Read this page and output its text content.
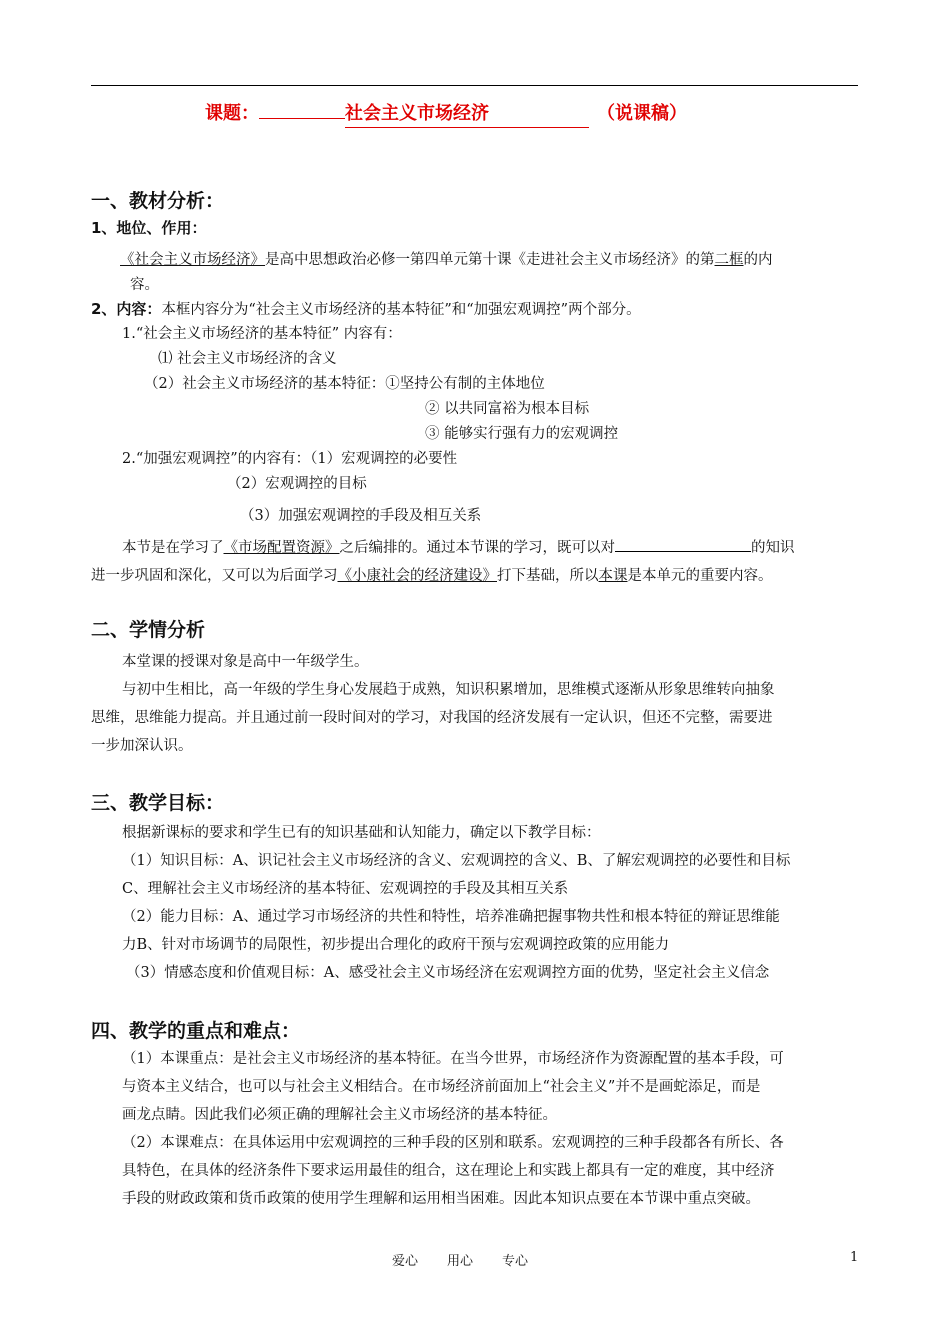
课题：	社会主义市场经济	（说课稿）
一、教材分析：
1、地位、作用：
《社会主义市场经济》是高中思想政治必修一第四单元第十课《走进社会主义市场经济》的第二框的内
容。
2、内容：本框内容分为“社会主义市场经济的基本特征”和“加强宏观调控”两个部分。
1.“社会主义市场经济的基本特征” 内容有：
⑴ 社会主义市场经济的含义
（2）社会主义市场经济的基本特征：①坚持公有制的主体地位
② 以共同富裕为根本目标
③ 能够实行强有力的宏观调控
2.“加强宏观调控”的内容有：（1）宏观调控的必要性
（2）宏观调控的目标
（3）加强宏观调控的手段及相互关系
本节是在学习了《市场配置资源》之后编排的。通过本节课的学习，既可以对	的知识
进一步巩固和深化，又可以为后面学习《小康社会的经济建设》打下基础，所以本课是本单元的重要内容。
二、学情分析
本堂课的授课对象是高中一年级学生。
与初中生相比，高一年级的学生身心发展趋于成熟，知识积累增加，思维模式逐渐从形象思维转向抽象
思维，思维能力提高。并且通过前一段时间对的学习，对我国的经济发展有一定认识，但还不完整，需要进
一步加深认识。
三、教学目标：
根据新课标的要求和学生已有的知识基础和认知能力，确定以下教学目标：
（1）知识目标：A、识记社会主义市场经济的含义、宏观调控的含义、B、了解宏观调控的必要性和目标
C、理解社会主义市场经济的基本特征、宏观调控的手段及其相互关系
（2）能力目标：A、通过学习市场经济的共性和特性，培养准确把握事物共性和根本特征的辩证思维能
力B、针对市场调节的局限性，初步提出合理化的政府干预与宏观调控政策的应用能力
（3）情感态度和价值观目标：A、感受社会主义市场经济在宏观调控方面的优势，坚定社会主义信念
四、教学的重点和难点：
（1）本课重点：是社会主义市场经济的基本特征。在当今世界，市场经济作为资源配置的基本手段，可
与资本主义结合，也可以与社会主义相结合。在市场经济前面加上“社会主义”并不是画蛇添足，而是
画龙点睛。因此我们必须正确的理解社会主义市场经济的基本特征。
（2）本课难点：在具体运用中宏观调控的三种手段的区别和联系。宏观调控的三种手段都各有所长、各
具特色，在具体的经济条件下要求运用最佳的组合，这在理论上和实践上都具有一定的难度，其中经济
手段的财政政策和货币政策的使用学生理解和运用相当困难。因此本知识点要在本节课中重点突破。
爱心 用心 专心	1
